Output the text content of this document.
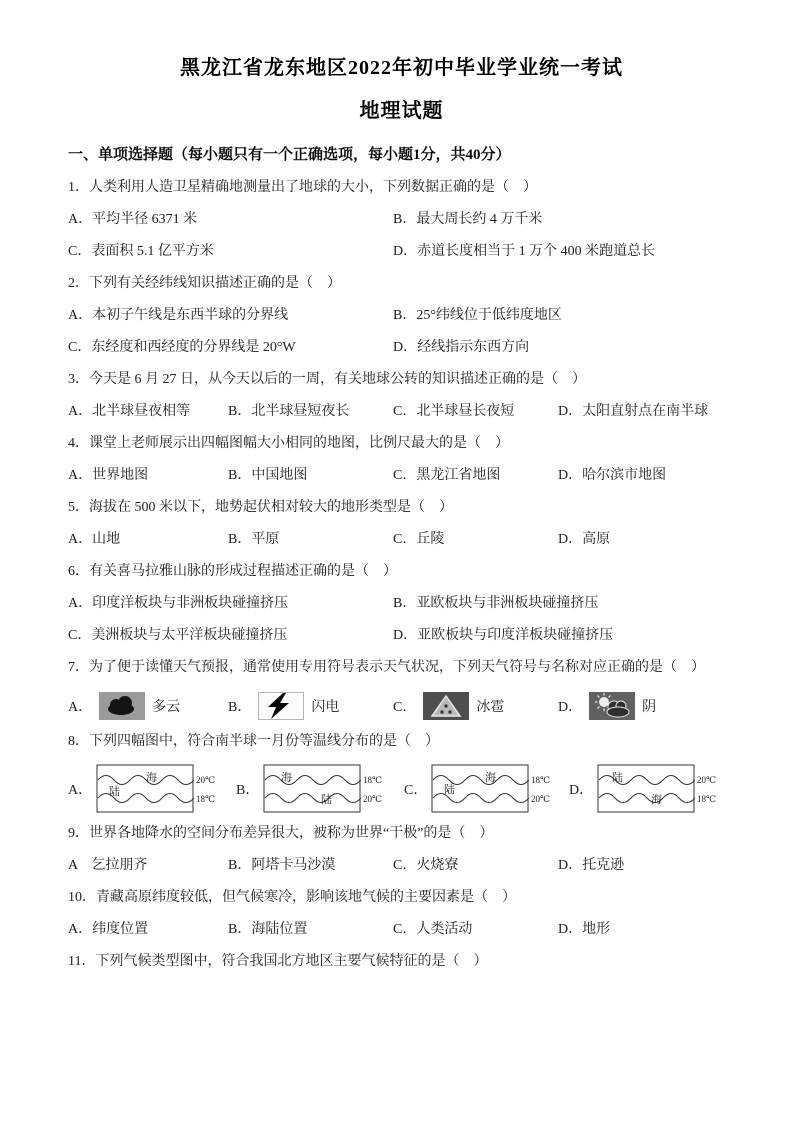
黑龙江省龙东地区2022年初中毕业学业统一考试
地理试题
一、单项选择题（每小题只有一个正确选项，每小题1分，共40分）
1．人类利用人造卫星精确地测量出了地球的大小，下列数据正确的是（　）
A．平均半径 6371 米	B．最大周长约 4 万千米
C．表面积 5.1 亿平方米	D．赤道长度相当于 1 万个 400 米跑道总长
2．下列有关经纬线知识描述正确的是（　）
A．本初子午线是东西半球的分界线	B．25°纬线位于低纬度地区
C．东经度和西经度的分界线是 20°W	D．经线指示东西方向
3．今天是 6 月 27 日，从今天以后的一周，有关地球公转的知识描述正确的是（　）
A．北半球昼夜相等	B．北半球昼短夜长	C．北半球昼长夜短	D．太阳直射点在南半球
4．课堂上老师展示出四幅图幅大小相同的地图，比例尺最大的是（　）
A．世界地图	B．中国地图	C．黑龙江省地图	D．哈尔滨市地图
5．海拔在 500 米以下，地势起伏相对较大的地形类型是（　）
A．山地	B．平原	C．丘陵	D．高原
6．有关喜马拉雅山脉的形成过程描述正确的是（　）
A．印度洋板块与非洲板块碰撞挤压	B．亚欧板块与非洲板块碰撞挤压
C．美洲板块与太平洋板块碰撞挤压	D．亚欧板块与印度洋板块碰撞挤压
7．为了便于读懂天气预报，通常使用专用符号表示天气状况，下列天气符号与名称对应正确的是（　）
A．	多云	B．	闪电	C．	冰雹	D．	阴
8．下列四幅图中，符合南半球一月份等温线分布的是（　）
A． 陆
海	20℃
18℃
B．
海
陆
18℃
20℃
C． 陆
海	18℃
20℃
D．
陆
海
20℃
18℃
9．世界各地降水的空间分布差异很大，被称为世界“干极”的是（　）
A　乞拉朋齐	B．阿塔卡马沙漠	C．火烧寮	D．托克逊
10．青藏高原纬度较低，但气候寒冷，影响该地气候的主要因素是（　）
A．纬度位置	B．海陆位置	C．人类活动	D．地形
11．下列气候类型图中，符合我国北方地区主要气候特征的是（　）
